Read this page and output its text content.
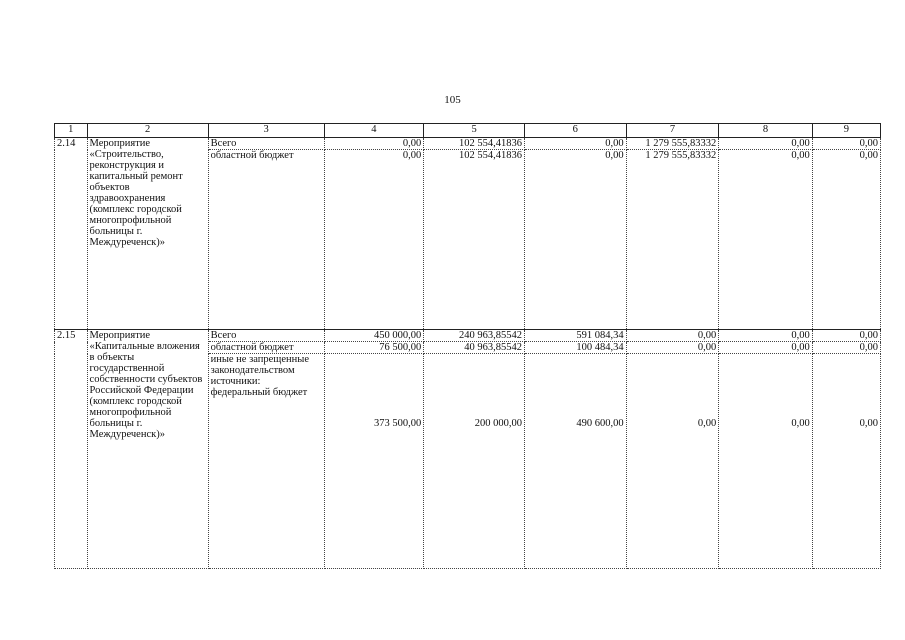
105
1	2	3	4	5	6	7	8	9
2.14	Мероприятие «Строительство, реконструкция и капитальный ремонт объектов здравоохранения (комплекс городской многопрофильной больницы г. Междуреченск)»	Всего	0,00	102 554,41836	0,00	1 279 555,83332	0,00	0,00
		областной бюджет	0,00	102 554,41836	0,00	1 279 555,83332	0,00	0,00
2.15	Мероприятие «Капитальные вложения в объекты государственной собственности субъектов Российской Федерации (комплекс городской многопрофильной больницы г. Междуреченск)»	Всего	450 000,00	240 963,85542	591 084,34	0,00	0,00	0,00
		областной бюджет	76 500,00	40 963,85542	100 484,34	0,00	0,00	0,00
		иные не запрещенные законодательством источники: федеральный бюджет	373 500,00	200 000,00	490 600,00	0,00	0,00	0,00
